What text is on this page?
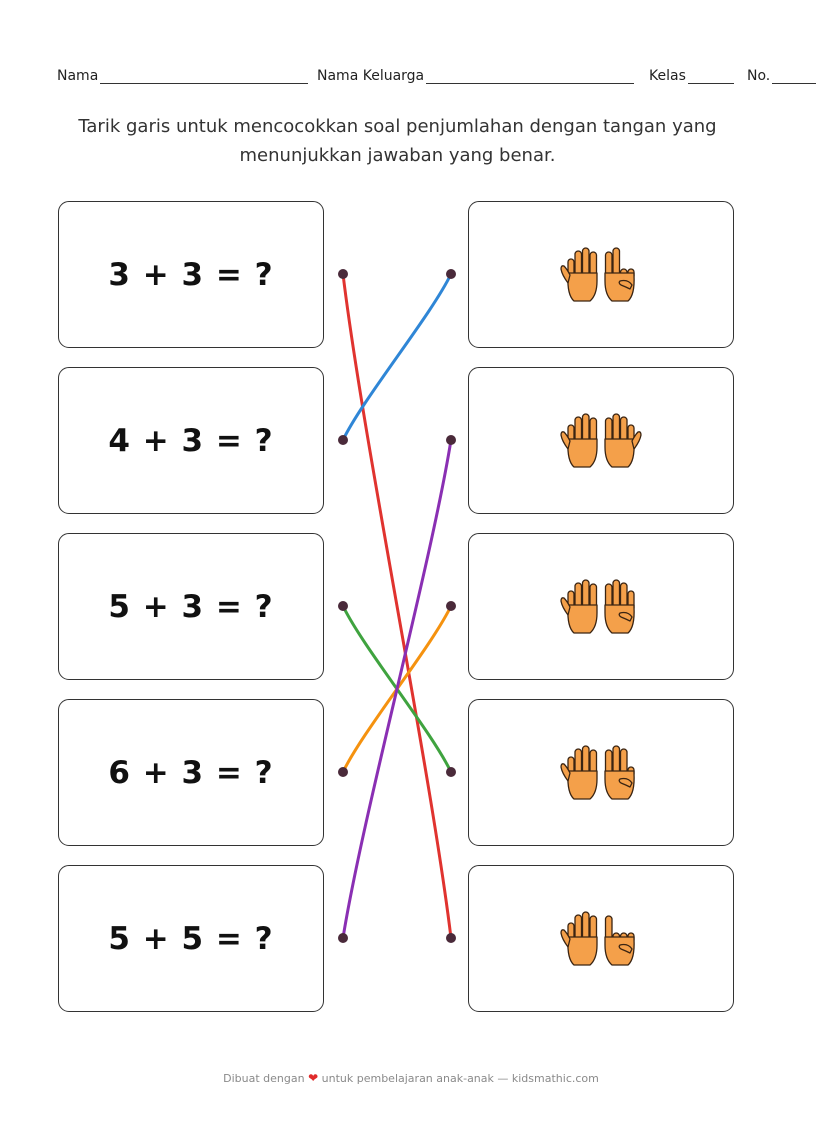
Nama	Nama Keluarga	Kelas	No.
Tarik garis untuk mencocokkan soal penjumlahan dengan tangan yang
menunjukkan jawaban yang benar.
3 + 3 = ?
4 + 3 = ?
5 + 3 = ?
6 + 3 = ?
5 + 5 = ?
Dibuat dengan ❤ untuk pembelajaran anak-anak — kidsmathic.com
